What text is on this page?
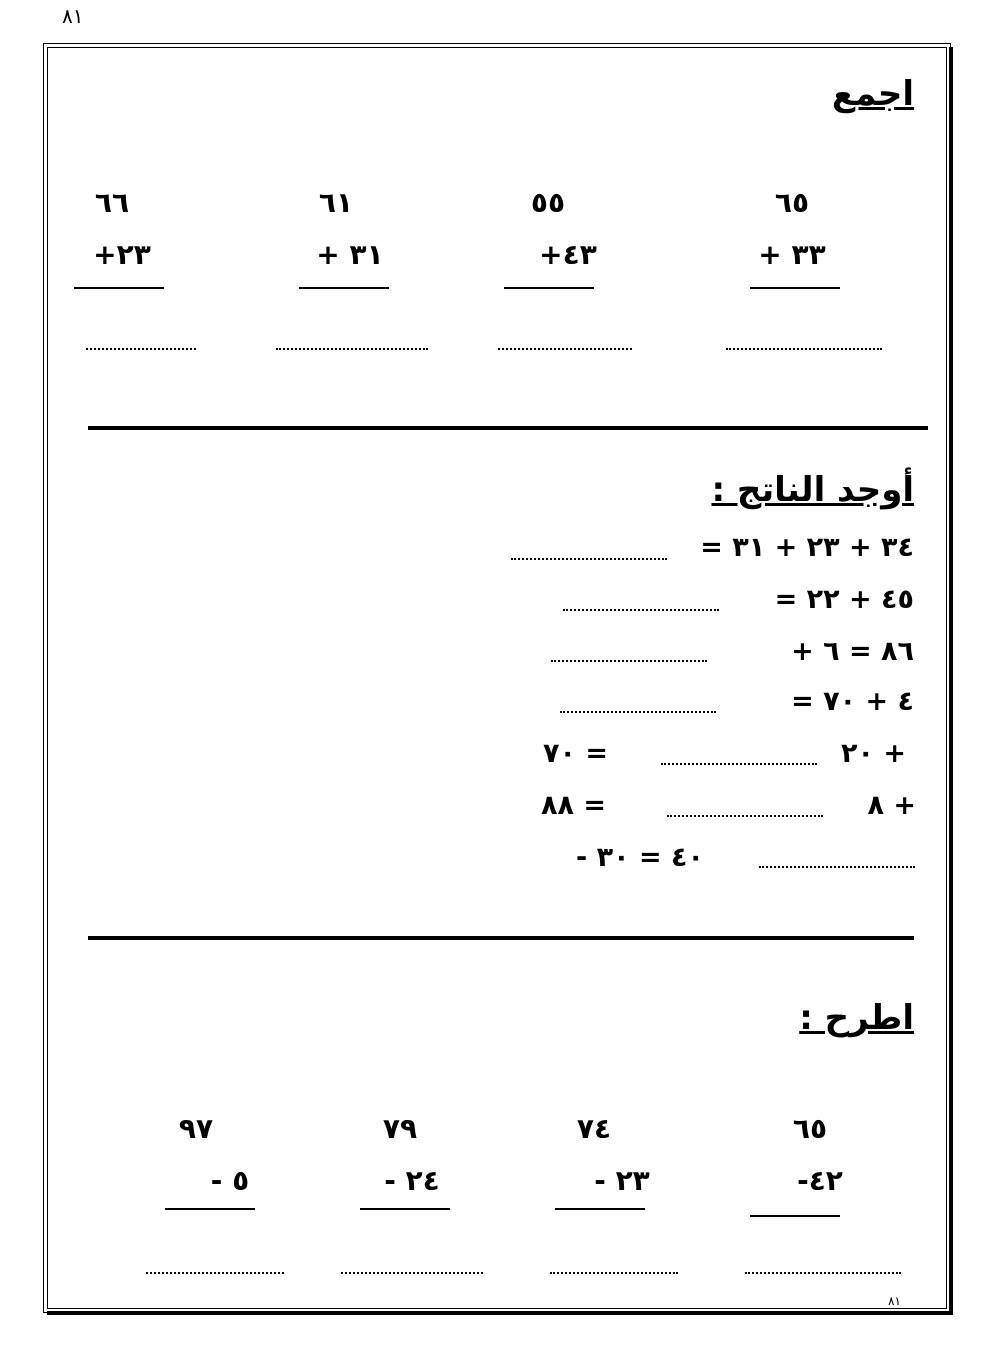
٨١
اجمع
٦٥
٣٣ +
٥٥
٤٣+
٦١
٣١ +
٦٦
٢٣+
أوجد الناتج :
٣٤ + ٢٣ + ٣١ =
٤٥ + ٢٢ =
٨٦ = ٦ +
٤ + ٧٠ =
+ ٢٠
= ٧٠
+ ٨
= ٨٨
٤٠ = ٣٠ -
اطرح :
٦٥
٤٢-
٧٤
٢٣ -
٧٩
٢٤ -
٩٧
٥ -
٨١
